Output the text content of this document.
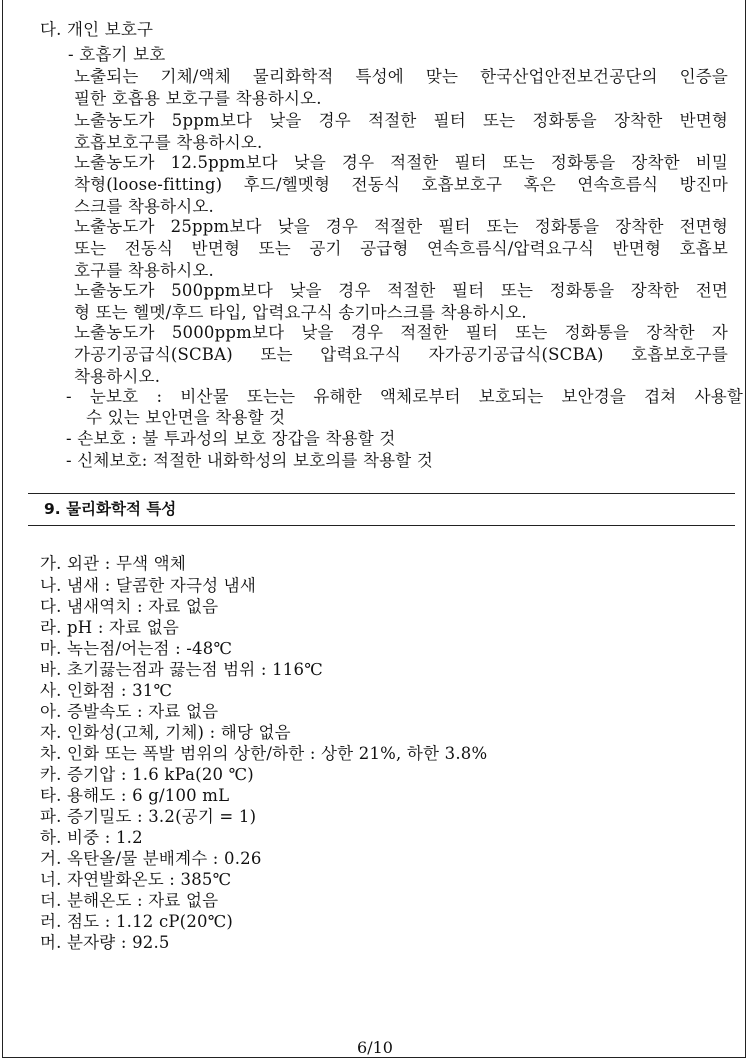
다. 개인 보호구
- 호흡기 보호
노출되는 기체/액체 물리화학적 특성에 맞는 한국산업안전보건공단의 인증을
필한 호흡용 보호구를 착용하시오.
노출농도가 5ppm보다 낮을 경우 적절한 필터 또는 정화통을 장착한 반면형
호흡보호구를 착용하시오.
노출농도가 12.5ppm보다 낮을 경우 적절한 필터 또는 정화통을 장착한 비밀
착형(loose-fitting) 후드/헬멧형 전동식 호흡보호구 혹은 연속흐름식 방진마
스크를 착용하시오.
노출농도가 25ppm보다 낮을 경우 적절한 필터 또는 정화통을 장착한 전면형
또는 전동식 반면형 또는 공기 공급형 연속흐름식/압력요구식 반면형 호흡보
호구를 착용하시오.
노출농도가 500ppm보다 낮을 경우 적절한 필터 또는 정화통을 장착한 전면
형 또는 헬멧/후드 타입, 압력요구식 송기마스크를 착용하시오.
노출농도가 5000ppm보다 낮을 경우 적절한 필터 또는 정화통을 장착한 자
가공기공급식(SCBA) 또는 압력요구식 자가공기공급식(SCBA) 호흡보호구를
착용하시오.
- 눈보호 : 비산물 또는는 유해한 액체로부터 보호되는 보안경을 겹쳐 사용할
수 있는 보안면을 착용할 것
- 손보호 : 불 투과성의 보호 장갑을 착용할 것
- 신체보호: 적절한 내화학성의 보호의를 착용할 것
9. 물리화학적 특성
가. 외관 : 무색 액체
나. 냄새 : 달콤한 자극성 냄새
다. 냄새역치 : 자료 없음
라. pH : 자료 없음
마. 녹는점/어는점 : -48℃
바. 초기끓는점과 끓는점 범위 : 116℃
사. 인화점 : 31℃
아. 증발속도 : 자료 없음
자. 인화성(고체, 기체) : 해당 없음
차. 인화 또는 폭발 범위의 상한/하한 : 상한 21%, 하한 3.8%
카. 증기압 : 1.6 kPa(20 ℃)
타. 용해도 : 6 g/100 mL
파. 증기밀도 : 3.2(공기 = 1)
하. 비중 : 1.2
거. 옥탄올/물 분배계수 : 0.26
너. 자연발화온도 : 385℃
더. 분해온도 : 자료 없음
러. 점도 : 1.12 cP(20℃)
머. 분자량 : 92.5
6/10
